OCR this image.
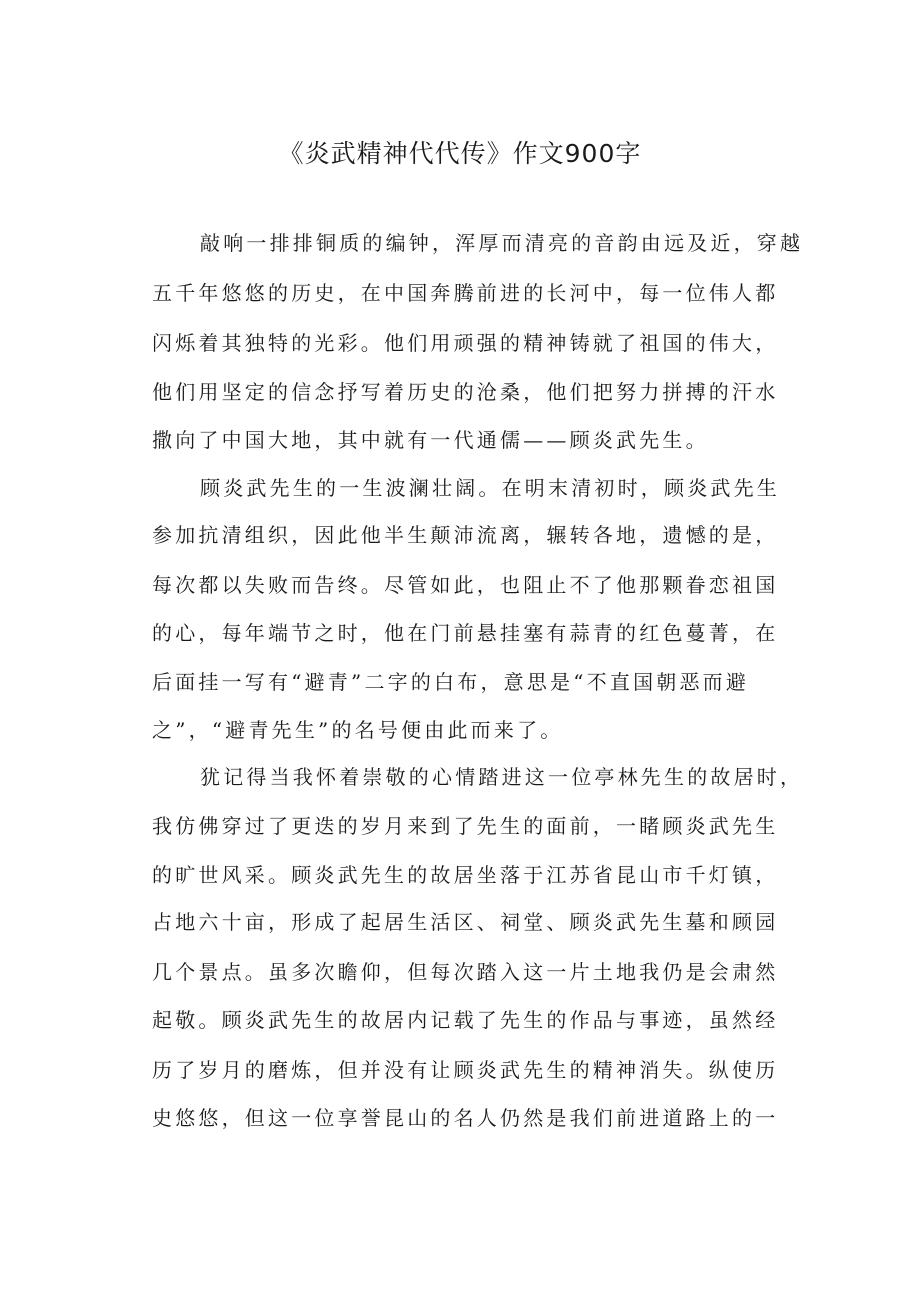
《炎武精神代代传》作文900字
敲响一排排铜质的编钟，浑厚而清亮的音韵由远及近，穿越
五千年悠悠的历史，在中国奔腾前进的长河中，每一位伟人都
闪烁着其独特的光彩。他们用顽强的精神铸就了祖国的伟大，
他们用坚定的信念抒写着历史的沧桑，他们把努力拼搏的汗水
撒向了中国大地，其中就有一代通儒——顾炎武先生。
顾炎武先生的一生波澜壮阔。在明末清初时，顾炎武先生
参加抗清组织，因此他半生颠沛流离，辗转各地，遗憾的是，
每次都以失败而告终。尽管如此，也阻止不了他那颗眷恋祖国
的心，每年端节之时，他在门前悬挂塞有蒜青的红色蔓菁，在
后面挂一写有“避青”二字的白布，意思是“不直国朝恶而避
之”，“避青先生”的名号便由此而来了。
犹记得当我怀着崇敬的心情踏进这一位亭林先生的故居时，
我仿佛穿过了更迭的岁月来到了先生的面前，一睹顾炎武先生
的旷世风采。顾炎武先生的故居坐落于江苏省昆山市千灯镇，
占地六十亩，形成了起居生活区、祠堂、顾炎武先生墓和顾园
几个景点。虽多次瞻仰，但每次踏入这一片土地我仍是会肃然
起敬。顾炎武先生的故居内记载了先生的作品与事迹，虽然经
历了岁月的磨炼，但并没有让顾炎武先生的精神消失。纵使历
史悠悠，但这一位享誉昆山的名人仍然是我们前进道路上的一
